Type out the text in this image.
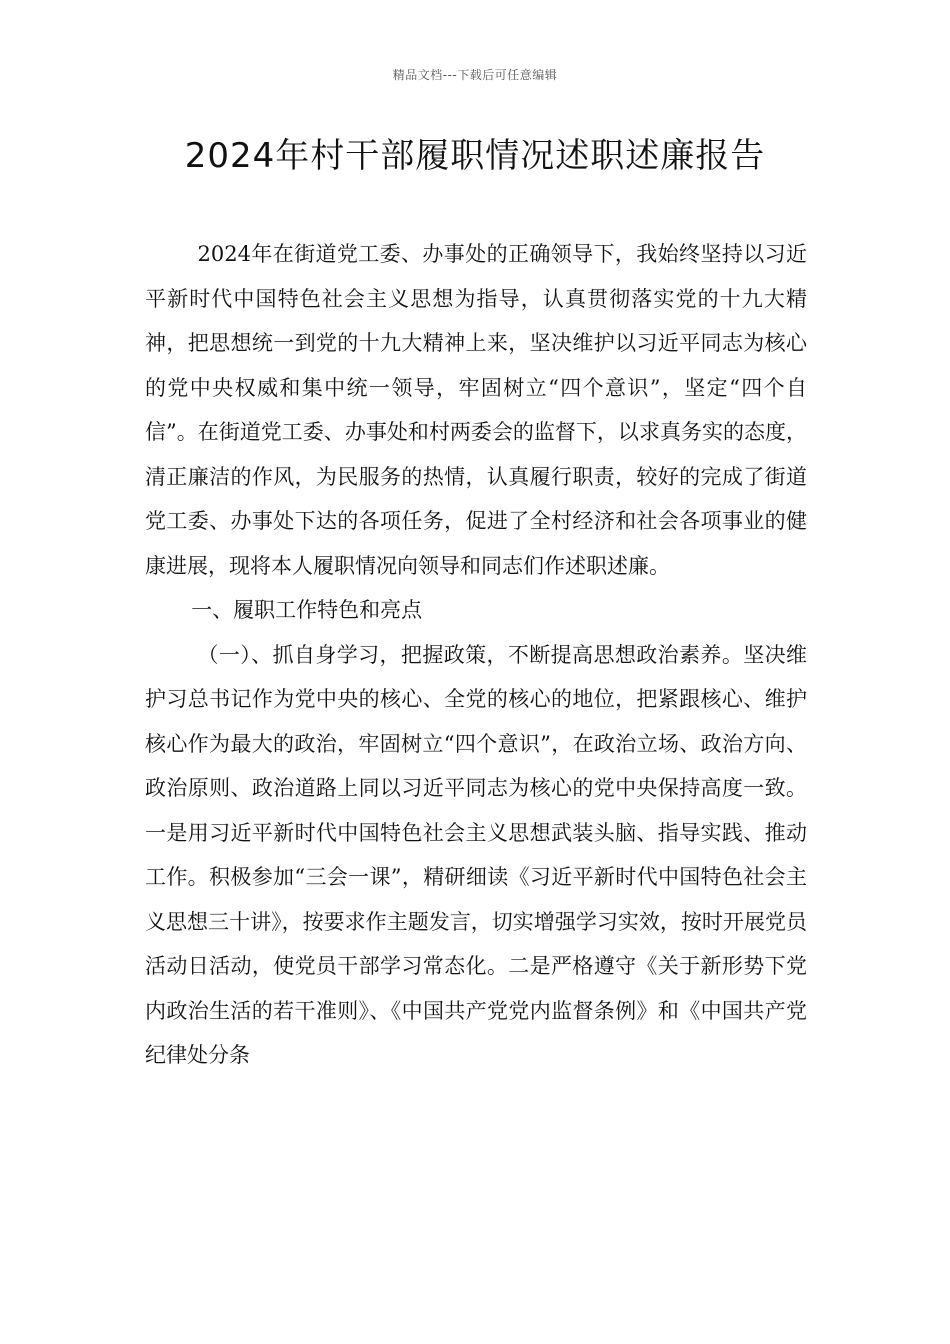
精品文档---下载后可任意编辑
2024年村干部履职情况述职述廉报告

2024年在街道党工委、办事处的正确领导下，我始终坚持以习近平新时代中国特色社会主义思想为指导，认真贯彻落实党的十九大精神，把思想统一到党的十九大精神上来，坚决维护以习近平同志为核心的党中央权威和集中统一领导，牢固树立“四个意识”，坚定“四个自信”。在街道党工委、办事处和村两委会的监督下，以求真务实的态度，清正廉洁的作风，为民服务的热情，认真履行职责，较好的完成了街道党工委、办事处下达的各项任务，促进了全村经济和社会各项事业的健康进展，现将本人履职情况向领导和同志们作述职述廉。

一、履职工作特色和亮点

（一）、抓自身学习，把握政策，不断提高思想政治素养。坚决维护习总书记作为党中央的核心、全党的核心的地位，把紧跟核心、维护核心作为最大的政治，牢固树立“四个意识”，在政治立场、政治方向、政治原则、政治道路上同以习近平同志为核心的党中央保持高度一致。一是用习近平新时代中国特色社会主义思想武装头脑、指导实践、推动工作。积极参加“三会一课”，精研细读《习近平新时代中国特色社会主义思想三十讲》，按要求作主题发言，切实增强学习实效，按时开展党员活动日活动，使党员干部学习常态化。二是严格遵守《关于新形势下党内政治生活的若干准则》、《中国共产党党内监督条例》和《中国共产党纪律处分条
